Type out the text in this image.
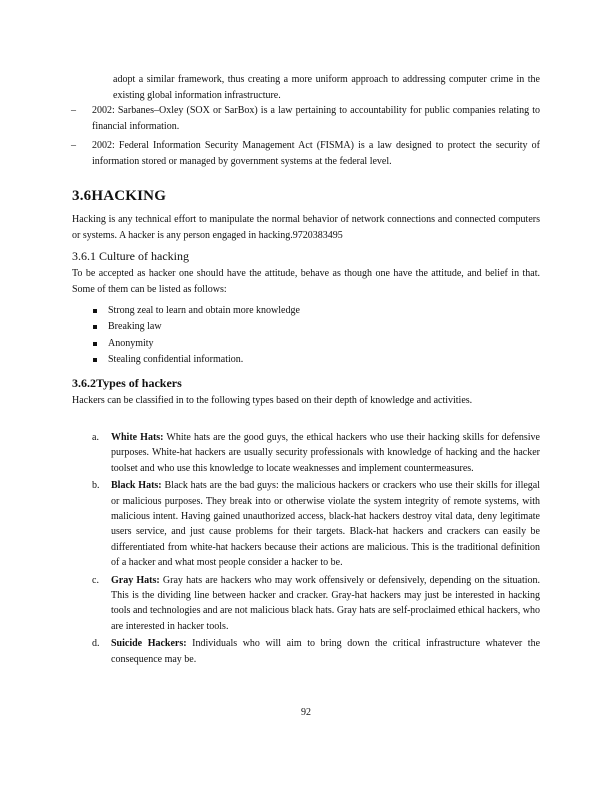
adopt a similar framework, thus creating a more uniform approach to addressing computer crime in the existing global information infrastructure.

– 2002: Sarbanes–Oxley (SOX or SarBox) is a law pertaining to accountability for public companies relating to financial information.
– 2002: Federal Information Security Management Act (FISMA) is a law designed to protect the security of information stored or managed by government systems at the federal level.
3.6HACKING

Hacking is any technical effort to manipulate the normal behavior of network connections and connected computers or systems. A hacker is any person engaged in hacking.9720383495

3.6.1 Culture of hacking

To be accepted as hacker one should have the attitude, behave as though one have the attitude, and belief in that. Some of them can be listed as follows:

Strong zeal to learn and obtain more knowledge
Breaking law
Anonymity
Stealing confidential information.
3.6.2Types of hackers

Hackers can be classified in to the following types based on their depth of knowledge and activities.

a. White Hats: White hats are the good guys, the ethical hackers who use their hacking skills for defensive purposes. White-hat hackers are usually security professionals with knowledge of hacking and the hacker toolset and who use this knowledge to locate weaknesses and implement countermeasures.
b. Black Hats: Black hats are the bad guys: the malicious hackers or crackers who use their skills for illegal or malicious purposes. They break into or otherwise violate the system integrity of remote systems, with malicious intent. Having gained unauthorized access, black-hat hackers destroy vital data, deny legitimate users service, and just cause problems for their targets. Black-hat hackers and crackers can easily be differentiated from white-hat hackers because their actions are malicious. This is the traditional definition of a hacker and what most people consider a hacker to be.
c. Gray Hats: Gray hats are hackers who may work offensively or defensively, depending on the situation. This is the dividing line between hacker and cracker. Gray-hat hackers may just be interested in hacking tools and technologies and are not malicious black hats. Gray hats are self-proclaimed ethical hackers, who are interested in hacker tools.
d. Suicide Hackers: Individuals who will aim to bring down the critical infrastructure whatever the consequence may be.
92
